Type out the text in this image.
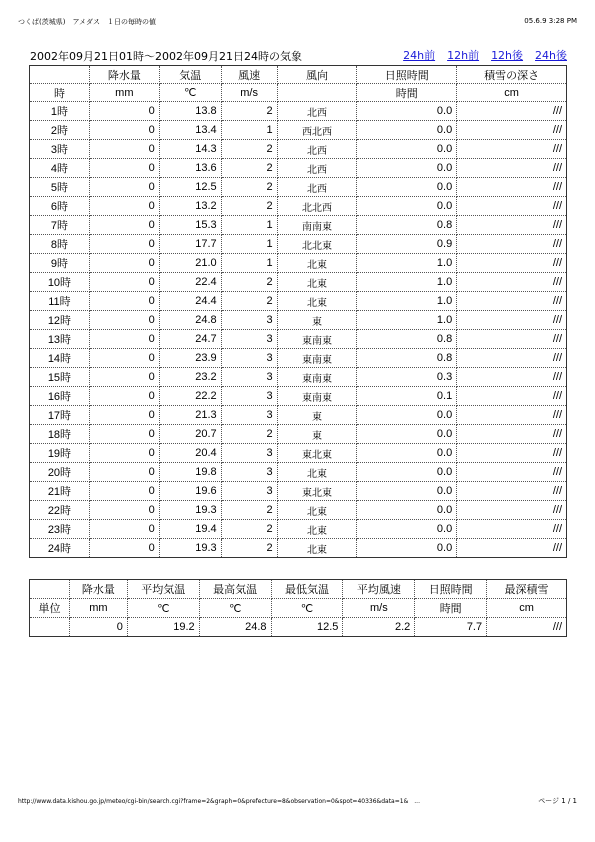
つくば(茨城県)　アメダス　１日の毎時の値	05.6.9 3:28 PM
2002年09月21日01時～2002年09月21日24時の気象	24h前 12h前 12h後 24h後
	降水量	気温	風速	風向	日照時間	積雪の深さ
時	mm	℃	m/s		時間	cm
1時	0	13.8	2	北西	0.0	///
2時	0	13.4	1	西北西	0.0	///
3時	0	14.3	2	北西	0.0	///
4時	0	13.6	2	北西	0.0	///
5時	0	12.5	2	北西	0.0	///
6時	0	13.2	2	北北西	0.0	///
7時	0	15.3	1	南南東	0.8	///
8時	0	17.7	1	北北東	0.9	///
9時	0	21.0	1	北東	1.0	///
10時	0	22.4	2	北東	1.0	///
11時	0	24.4	2	北東	1.0	///
12時	0	24.8	3	東	1.0	///
13時	0	24.7	3	東南東	0.8	///
14時	0	23.9	3	東南東	0.8	///
15時	0	23.2	3	東南東	0.3	///
16時	0	22.2	3	東南東	0.1	///
17時	0	21.3	3	東	0.0	///
18時	0	20.7	2	東	0.0	///
19時	0	20.4	3	東北東	0.0	///
20時	0	19.8	3	北東	0.0	///
21時	0	19.6	3	東北東	0.0	///
22時	0	19.3	2	北東	0.0	///
23時	0	19.4	2	北東	0.0	///
24時	0	19.3	2	北東	0.0	///
	降水量	平均気温	最高気温	最低気温	平均風速	日照時間	最深積雪
単位	mm	℃	℃	℃	m/s	時間	cm
	0	19.2	24.8	12.5	2.2	7.7	///
http://www.data.kishou.go.jp/meteo/cgi-bin/search.cgi?frame=2&graph=0&prefecture=8&observation=0&spot=40336&data=1&　...	ページ 1 / 1
